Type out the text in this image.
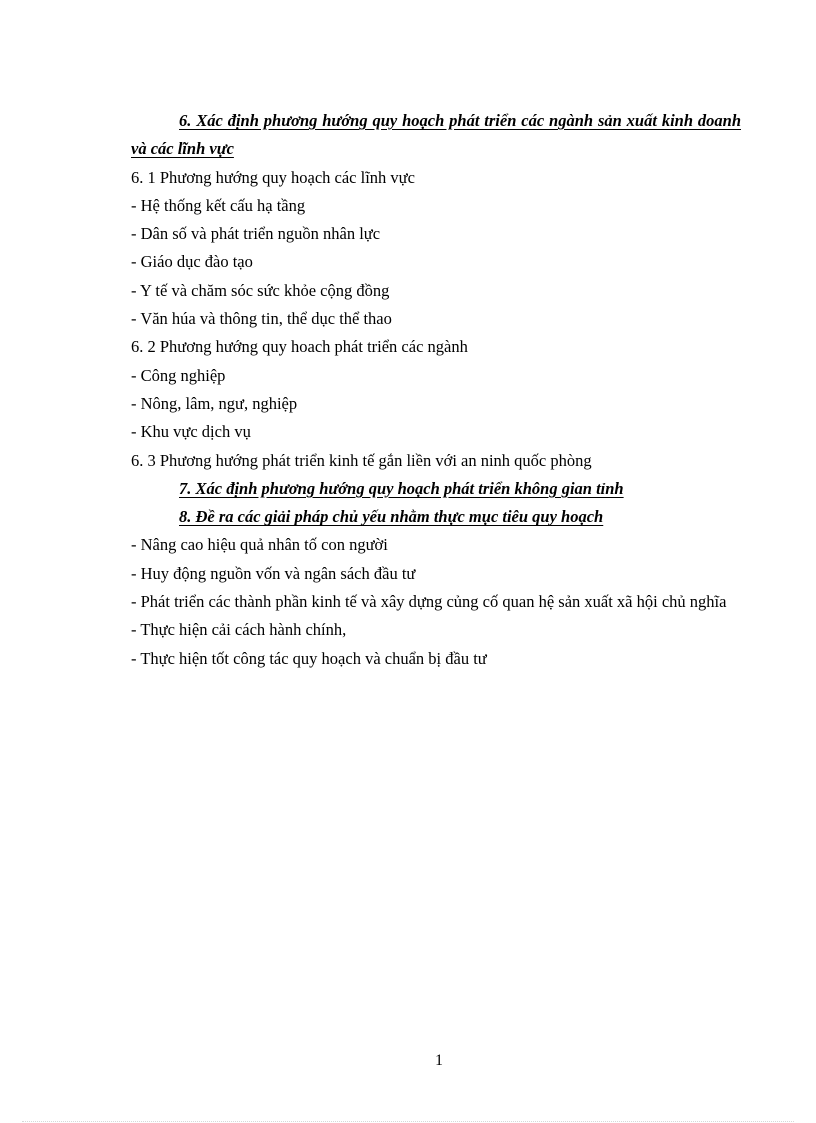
6. Xác định phương hướng quy hoạch phát triển các ngành sản xuất kinh doanh và các lĩnh vực
6. 1 Phương hướng quy hoạch các lĩnh vực
- Hệ thống kết cấu hạ tầng
- Dân số và phát triển nguồn nhân lực
- Giáo dục đào tạo
- Y tế và chăm sóc sức khỏe cộng đồng
- Văn húa và thông tin, thể dục thể thao
6. 2 Phương hướng quy hoach phát triển các ngành
- Công nghiệp
- Nông, lâm, ngư, nghiệp
- Khu vực dịch vụ
6. 3 Phương hướng phát triển kinh tế gắn liền với an ninh quốc phòng
7. Xác định phương hướng quy hoạch phát triển không gian tỉnh
8. Đề ra các giải pháp chủ yếu nhằm thực mục tiêu quy hoạch
- Nâng cao hiệu quả nhân tố con người
- Huy động nguồn vốn và ngân sách đầu tư
- Phát triển các thành phần kinh tế và xây dựng củng cố quan hệ sản xuất xã hội chủ nghĩa
- Thực hiện cải cách hành chính,
- Thực hiện tốt công tác quy hoạch và chuẩn bị đầu tư
1
